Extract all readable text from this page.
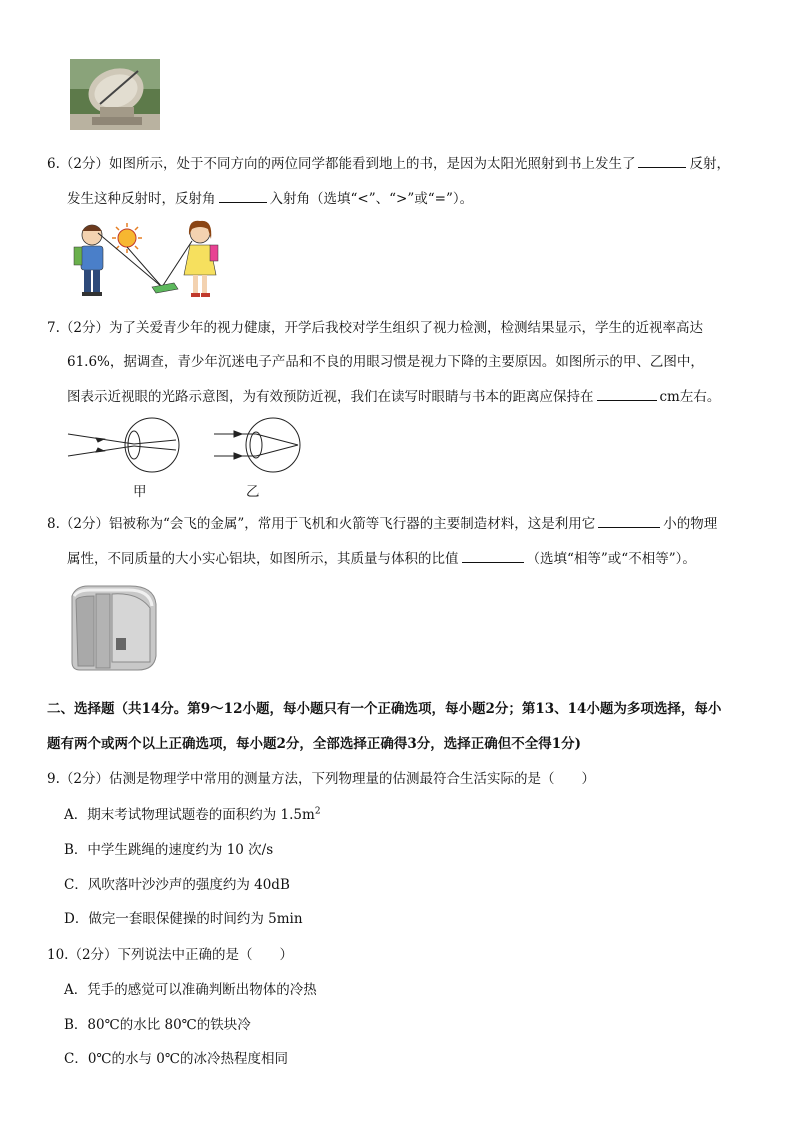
6.（2分）如图所示，处于不同方向的两位同学都能看到地上的书，是因为太阳光照射到书上发生了	反射，
发生这种反射时，反射角	入射角（选填“<”、“>”或“=”）。
7.（2分）为了关爱青少年的视力健康，开学后我校对学生组织了视力检测，检测结果显示，学生的近视率高达
61.6%，据调查，青少年沉迷电子产品和不良的用眼习惯是视力下降的主要原因。如图所示的甲、乙图中，
图表示近视眼的光路示意图，为有效预防近视，我们在读写时眼睛与书本的距离应保持在	cm左右。
甲	乙
8.（2分）铝被称为“会飞的金属”，常用于飞机和火箭等飞行器的主要制造材料，这是利用它	小的物理
属性，不同质量的大小实心铝块，如图所示，其质量与体积的比值	（选填“相等”或“不相等”）。
二、选择题（共14分。第9～12小题，每小题只有一个正确选项，每小题2分；第13、14小题为多项选择，每小
题有两个或两个以上正确选项，每小题2分，全部选择正确得3分，选择正确但不全得1分)
9.（2分）估测是物理学中常用的测量方法，下列物理量的估测最符合生活实际的是（　　）
A．期末考试物理试题卷的面积约为 $1.5m^2$
B．中学生跳绳的速度约为 10 次/s
C．风吹落叶沙沙声的强度约为 40dB
D．做完一套眼保健操的时间约为 5min
10.（2分）下列说法中正确的是（　　）
A．凭手的感觉可以准确判断出物体的冷热
B．80℃的水比 80℃的铁块冷
C．0℃的水与 0℃的冰冷热程度相同
